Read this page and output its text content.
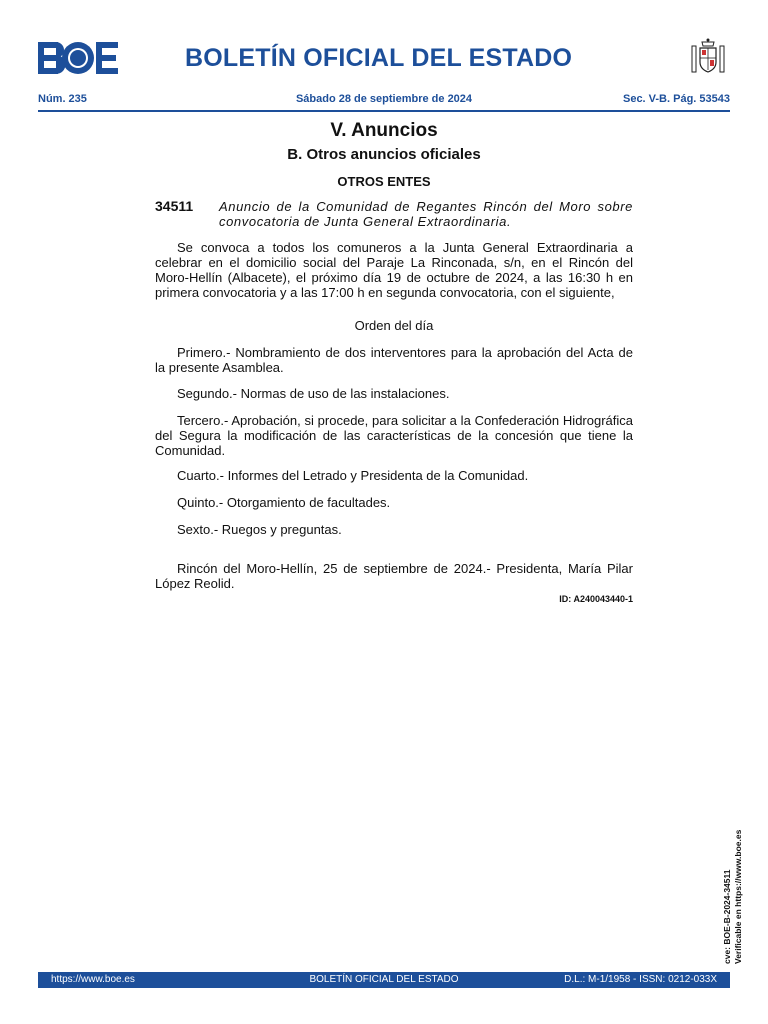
BOLETÍN OFICIAL DEL ESTADO
Núm. 235	Sábado 28 de septiembre de 2024	Sec. V-B. Pág. 53543
V. Anuncios
B. Otros anuncios oficiales
OTROS ENTES
34511 Anuncio de la Comunidad de Regantes Rincón del Moro sobre convocatoria de Junta General Extraordinaria.

Se convoca a todos los comuneros a la Junta General Extraordinaria a celebrar en el domicilio social del Paraje La Rinconada, s/n, en el Rincón del Moro-Hellín (Albacete), el próximo día 19 de octubre de 2024, a las 16:30 h en primera convocatoria y a las 17:00 h en segunda convocatoria, con el siguiente,

Orden del día

Primero.- Nombramiento de dos interventores para la aprobación del Acta de la presente Asamblea.

Segundo.- Normas de uso de las instalaciones.

Tercero.- Aprobación, si procede, para solicitar a la Confederación Hidrográfica del Segura la modificación de las características de la concesión que tiene la Comunidad.

Cuarto.- Informes del Letrado y Presidenta de la Comunidad.

Quinto.- Otorgamiento de facultades.

Sexto.- Ruegos y preguntas.

Rincón del Moro-Hellín, 25 de septiembre de 2024.- Presidenta, María Pilar López Reolid.

ID: A240043440-1
cve: BOE-B-2024-34511 Verificable en https://www.boe.es
https://www.boe.es	BOLETÍN OFICIAL DEL ESTADO	D.L.: M-1/1958 - ISSN: 0212-033X
